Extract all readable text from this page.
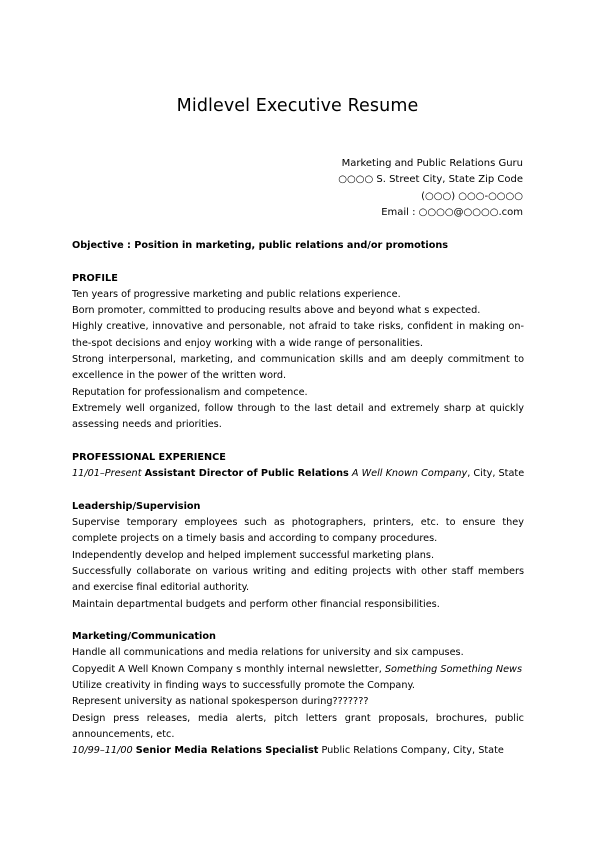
Midlevel Executive Resume
Marketing and Public Relations Guru
○○○○ S. Street City, State Zip Code
(○○○) ○○○-○○○○
Email : ○○○○@○○○○.com

Objective : Position in marketing, public relations and/or promotions

PROFILE

Ten years of progressive marketing and public relations experience.

Born promoter, committed to producing results above and beyond what s expected.

Highly creative, innovative and personable, not afraid to take risks, confident in making on-the-spot decisions and enjoy working with a wide range of personalities.

Strong interpersonal, marketing, and communication skills and am deeply commitment to excellence in the power of the written word.

Reputation for professionalism and competence.

Extremely well organized, follow through to the last detail and extremely sharp at quickly assessing needs and priorities.

PROFESSIONAL EXPERIENCE

11/01–Present Assistant Director of Public Relations A Well Known Company, City, State

Leadership/Supervision

Supervise temporary employees such as photographers, printers, etc. to ensure they complete projects on a timely basis and according to company procedures.

Independently develop and helped implement successful marketing plans.

Successfully collaborate on various writing and editing projects with other staff members and exercise final editorial authority.

Maintain departmental budgets and perform other financial responsibilities.

Marketing/Communication

Handle all communications and media relations for university and six campuses.

Copyedit A Well Known Company s monthly internal newsletter, Something Something News

Utilize creativity in finding ways to successfully promote the Company.

Represent university as national spokesperson during???????

Design press releases, media alerts, pitch letters grant proposals, brochures, public announcements, etc.

10/99–11/00 Senior Media Relations Specialist Public Relations Company, City, State
